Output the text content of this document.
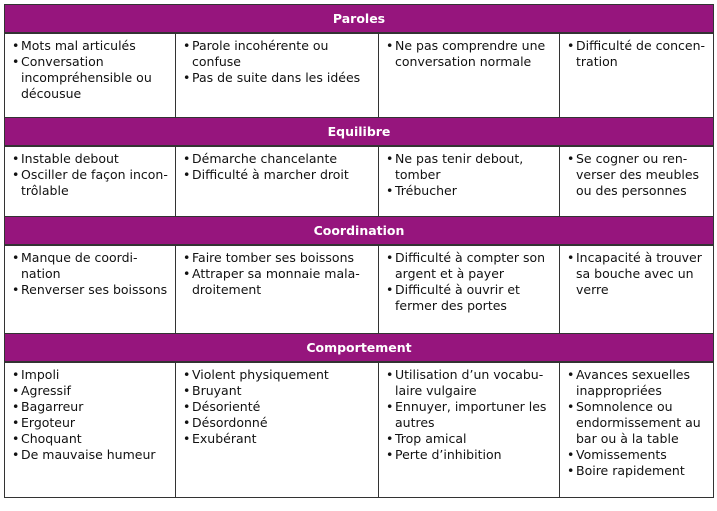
Paroles
• Mots mal articulés
• Conversation
incompréhensible ou
décousue
• Parole incohérente ou
confuse
• Pas de suite dans les idées
• Ne pas comprendre une
conversation normale
• Difficulté de concen-
tration
Equilibre
• Instable debout
• Osciller de façon incon-
trôlable
• Démarche chancelante
• Difficulté à marcher droit
• Ne pas tenir debout,
tomber
• Trébucher
• Se cogner ou ren-
verser des meubles
ou des personnes
Coordination
• Manque de coordi-
nation
• Renverser ses boissons
• Faire tomber ses boissons
• Attraper sa monnaie mala-
droitement
• Difficulté à compter son
argent et à payer
• Difficulté à ouvrir et
fermer des portes
• Incapacité à trouver
sa bouche avec un
verre
Comportement
• Impoli
• Agressif
• Bagarreur
• Ergoteur
• Choquant
• De mauvaise humeur
• Violent physiquement
• Bruyant
• Désorienté
• Désordonné
• Exubérant
• Utilisation d’un vocabu-
laire vulgaire
• Ennuyer, importuner les
autres
• Trop amical
• Perte d’inhibition
• Avances sexuelles
inappropriées
• Somnolence ou
endormissement au
bar ou à la table
• Vomissements
• Boire rapidement
